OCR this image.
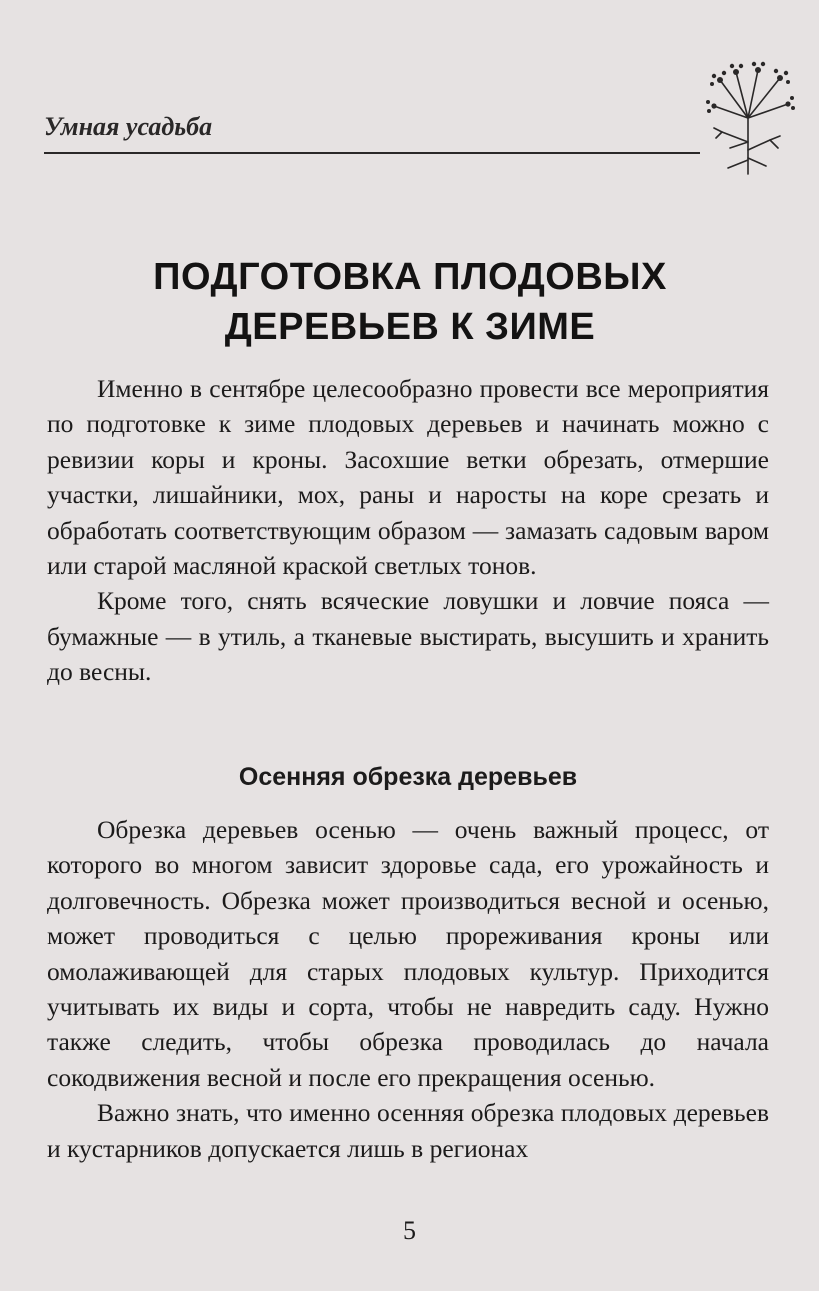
Умная усадьба
ПОДГОТОВКА ПЛОДОВЫХ
ДЕРЕВЬЕВ К ЗИМЕ

Именно в сентябре целесообразно провести все мероприятия по подготовке к зиме плодовых деревьев и начинать можно с ревизии коры и кроны. Засохшие ветки обрезать, отмершие участки, лишайники, мох, раны и наросты на коре срезать и обработать соответствующим образом — замазать садовым варом или старой масляной краской светлых тонов.

Кроме того, снять всяческие ловушки и ловчие пояса — бумажные — в утиль, а тканевые выстирать, высушить и хранить до весны.

Осенняя обрезка деревьев

Обрезка деревьев осенью — очень важный процесс, от которого во многом зависит здоровье сада, его урожайность и долговечность. Обрезка может производиться весной и осенью, может проводиться с целью прореживания кроны или омолаживающей для старых плодовых культур. Приходится учитывать их виды и сорта, чтобы не навредить саду. Нужно также следить, чтобы обрезка проводилась до начала сокодвижения весной и после его прекращения осенью.

Важно знать, что именно осенняя обрезка плодовых деревьев и кустарников допускается лишь в регионах

5
